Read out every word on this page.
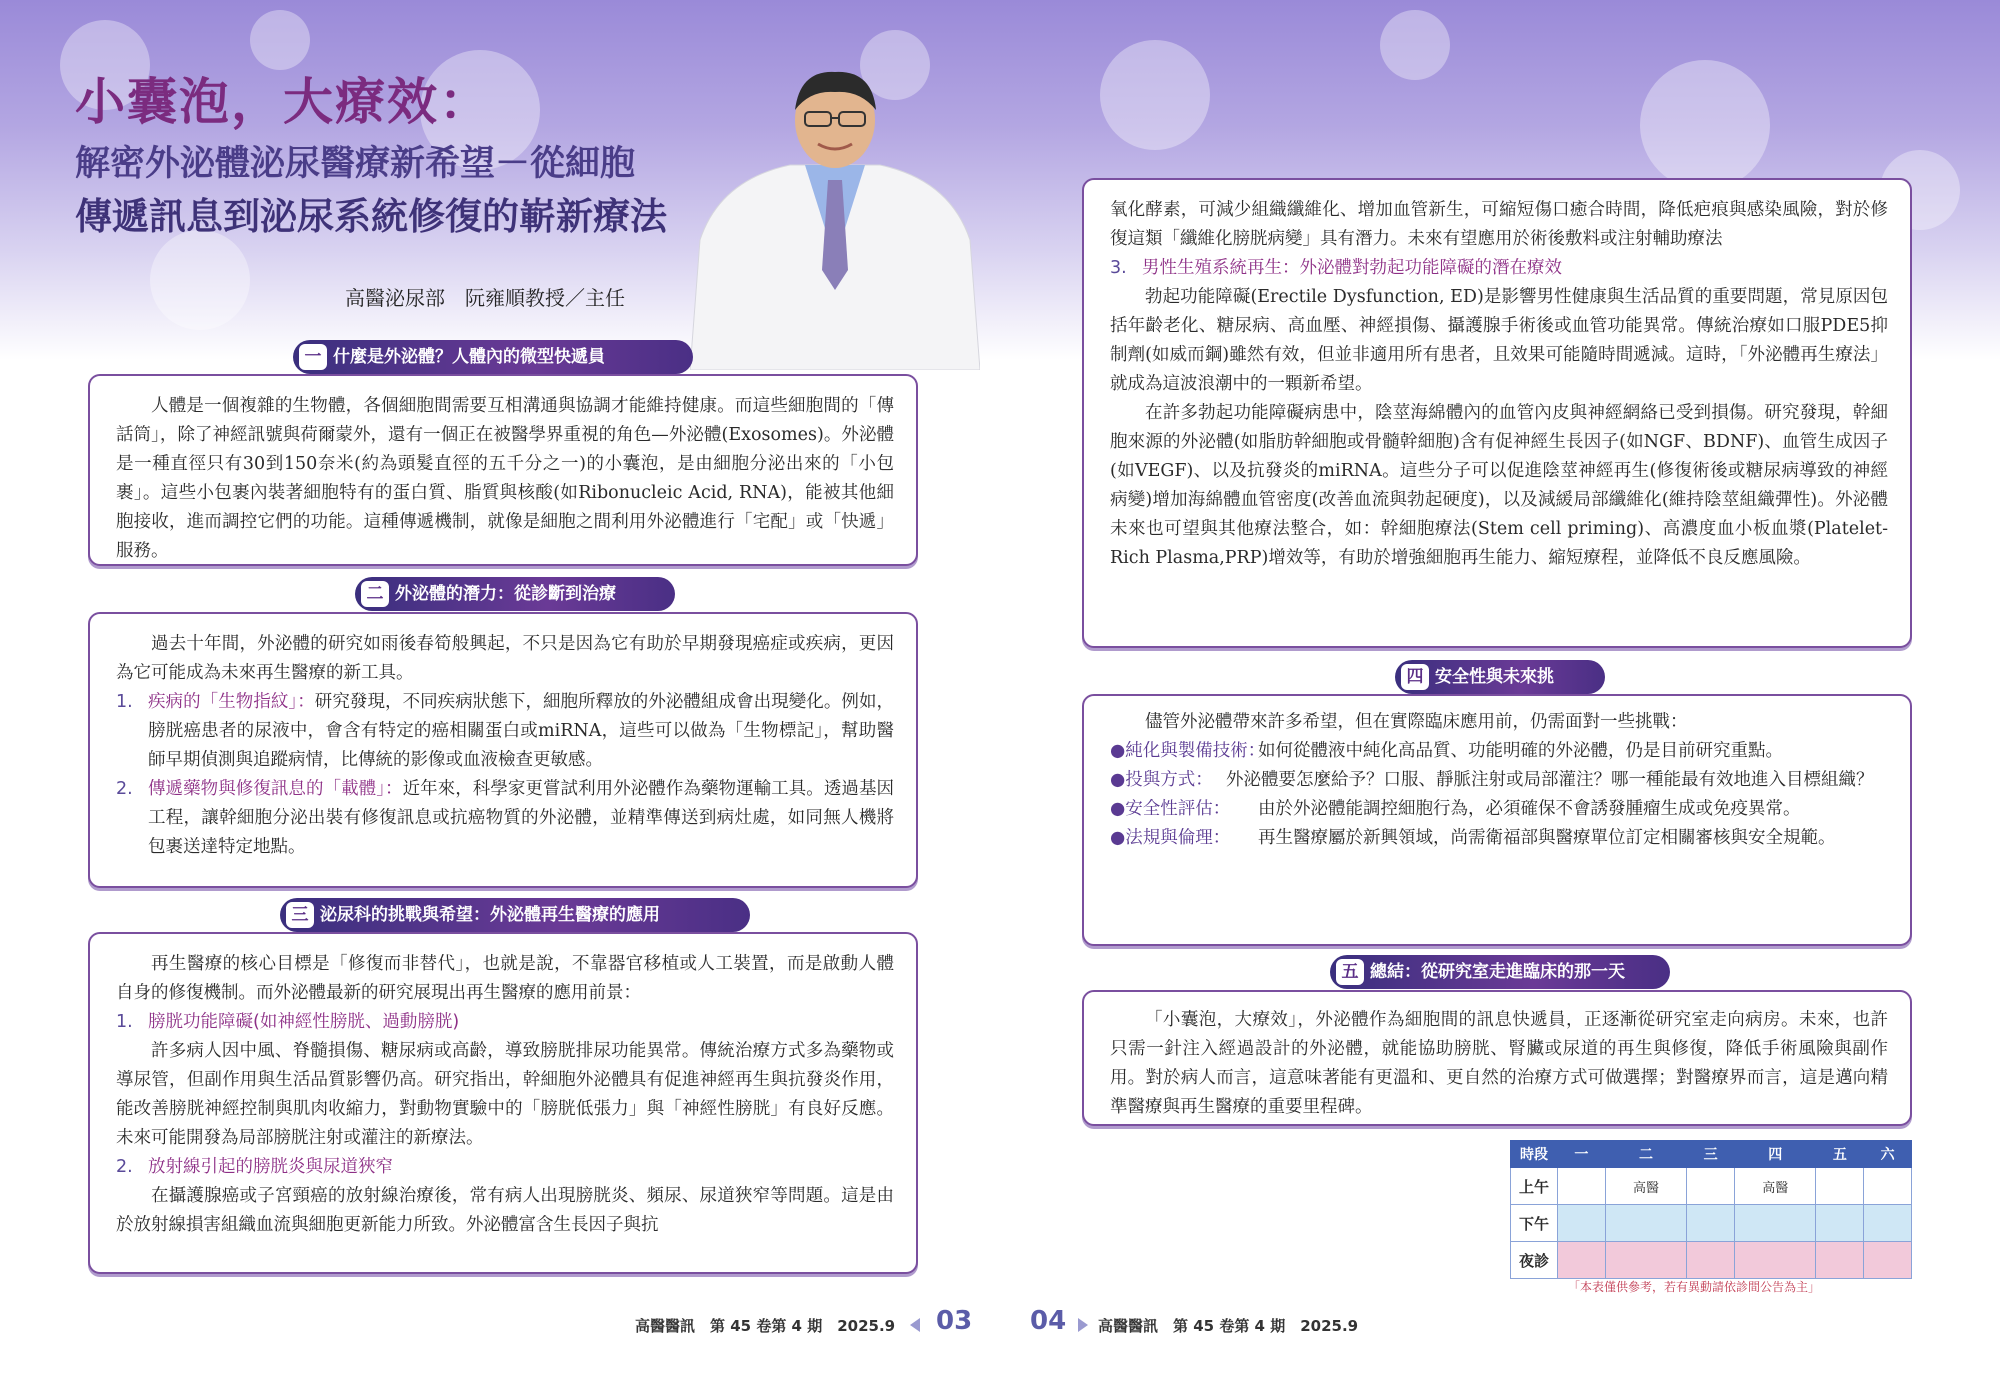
小囊泡，大療效：
解密外泌體泌尿醫療新希望－從細胞
傳遞訊息到泌尿系統修復的嶄新療法

高醫泌尿部　阮雍順教授／主任

一 什麼是外泌體？人體內的微型快遞員

人體是一個複雜的生物體，各個細胞間需要互相溝通與協調才能維持健康。而這些細胞間的「傳話筒」，除了神經訊號與荷爾蒙外，還有一個正在被醫學界重視的角色—外泌體(Exosomes)。外泌體是一種直徑只有30到150奈米(約為頭髮直徑的五千分之一)的小囊泡，是由細胞分泌出來的「小包裹」。這些小包裹內裝著細胞特有的蛋白質、脂質與核酸(如Ribonucleic Acid, RNA)，能被其他細胞接收，進而調控它們的功能。這種傳遞機制，就像是細胞之間利用外泌體進行「宅配」或「快遞」服務。

二 外泌體的潛力：從診斷到治療

過去十年間，外泌體的研究如雨後春筍般興起，不只是因為它有助於早期發現癌症或疾病，更因為它可能成為未來再生醫療的新工具。

1. 疾病的「生物指紋」：研究發現，不同疾病狀態下，細胞所釋放的外泌體組成會出現變化。例如，膀胱癌患者的尿液中，會含有特定的癌相關蛋白或miRNA，這些可以做為「生物標記」，幫助醫師早期偵測與追蹤病情，比傳統的影像或血液檢查更敏感。
2. 傳遞藥物與修復訊息的「載體」：近年來，科學家更嘗試利用外泌體作為藥物運輸工具。透過基因工程，讓幹細胞分泌出裝有修復訊息或抗癌物質的外泌體，並精準傳送到病灶處，如同無人機將包裹送達特定地點。
三 泌尿科的挑戰與希望：外泌體再生醫療的應用

再生醫療的核心目標是「修復而非替代」，也就是說，不靠器官移植或人工裝置，而是啟動人體自身的修復機制。而外泌體最新的研究展現出再生醫療的應用前景：

1. 膀胱功能障礙(如神經性膀胱、過動膀胱)

許多病人因中風、脊髓損傷、糖尿病或高齡，導致膀胱排尿功能異常。傳統治療方式多為藥物或導尿管，但副作用與生活品質影響仍高。研究指出，幹細胞外泌體具有促進神經再生與抗發炎作用，能改善膀胱神經控制與肌肉收縮力，對動物實驗中的「膀胱低張力」與「神經性膀胱」有良好反應。未來可能開發為局部膀胱注射或灌注的新療法。

2. 放射線引起的膀胱炎與尿道狹窄

在攝護腺癌或子宮頸癌的放射線治療後，常有病人出現膀胱炎、頻尿、尿道狹窄等問題。這是由於放射線損害組織血流與細胞更新能力所致。外泌體富含生長因子與抗

高醫醫訊　第 45 卷第 4 期　2025.9 03

氧化酵素，可減少組織纖維化、增加血管新生，可縮短傷口癒合時間，降低疤痕與感染風險，對於修復這類「纖維化膀胱病變」具有潛力。未來有望應用於術後敷料或注射輔助療法

3. 男性生殖系統再生：外泌體對勃起功能障礙的潛在療效

勃起功能障礙(Erectile Dysfunction, ED)是影響男性健康與生活品質的重要問題，常見原因包括年齡老化、糖尿病、高血壓、神經損傷、攝護腺手術後或血管功能異常。傳統治療如口服PDE5抑制劑(如威而鋼)雖然有效，但並非適用所有患者，且效果可能隨時間遞減。這時，「外泌體再生療法」就成為這波浪潮中的一顆新希望。

在許多勃起功能障礙病患中，陰莖海綿體內的血管內皮與神經網絡已受到損傷。研究發現，幹細胞來源的外泌體(如脂肪幹細胞或骨髓幹細胞)含有促神經生長因子(如NGF、BDNF)、血管生成因子(如VEGF)、以及抗發炎的miRNA。這些分子可以促進陰莖神經再生(修復術後或糖尿病導致的神經病變)增加海綿體血管密度(改善血流與勃起硬度)，以及減緩局部纖維化(維持陰莖組織彈性)。外泌體未來也可望與其他療法整合，如：幹細胞療法(Stem cell priming)、高濃度血小板血漿(Platelet-Rich Plasma,PRP)增效等，有助於增強細胞再生能力、縮短療程，並降低不良反應風險。

四 安全性與未來挑

儘管外泌體帶來許多希望，但在實際臨床應用前，仍需面對一些挑戰：

●純化與製備技術：
如何從體液中純化高品質、功能明確的外泌體，仍是目前研究重點。
●投與方式： 外泌體要怎麼給予？口服、靜脈注射或局部灌注？哪一種能最有效地進入目標組織？
●安全性評估： 由於外泌體能調控細胞行為，必須確保不會誘發腫瘤生成或免疫異常。
●法規與倫理： 再生醫療屬於新興領域，尚需衛福部與醫療單位訂定相關審核與安全規範。
五 總結：從研究室走進臨床的那一天

「小囊泡，大療效」，外泌體作為細胞間的訊息快遞員，正逐漸從研究室走向病房。未來，也許只需一針注入經過設計的外泌體，就能協助膀胱、腎臟或尿道的再生與修復，降低手術風險與副作用。對於病人而言，這意味著能有更溫和、更自然的治療方式可做選擇；對醫療界而言，這是邁向精準醫療與再生醫療的重要里程碑。

時段	一	二	三	四	五	六
上午		高醫		高醫		
下午						
夜診						
「本表僅供參考，若有異動請依診間公告為主」
04 高醫醫訊　第 45 卷第 4 期　2025.9
